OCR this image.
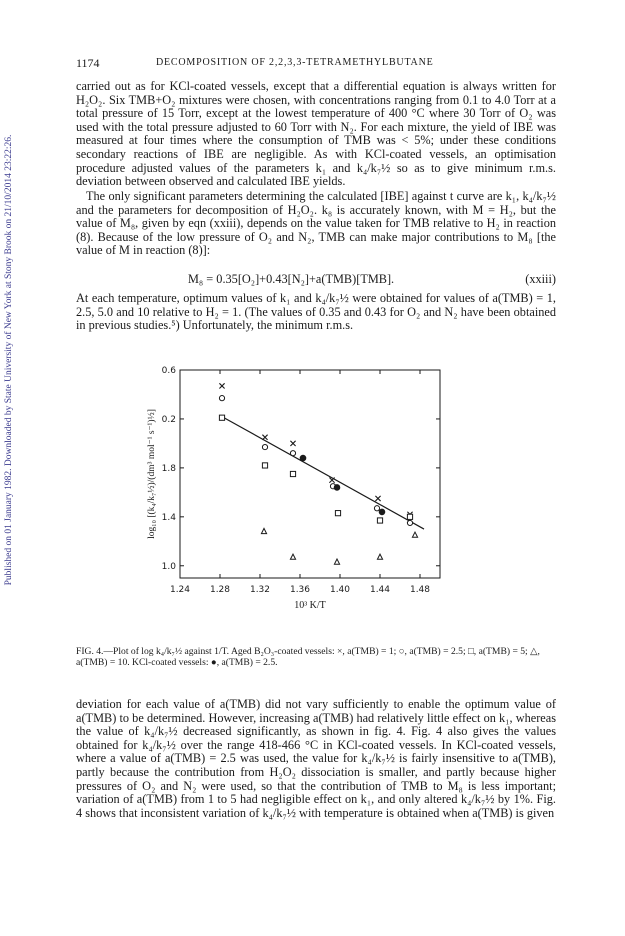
Published on 01 January 1982. Downloaded by State University of New York at Stony Brook on 21/10/2014 23:22:26.
1174	DECOMPOSITION OF 2,2,3,3-TETRAMETHYLBUTANE

carried out as for KCl-coated vessels, except that a differential equation is always written for H₂O₂. Six TMB+O₂ mixtures were chosen, with concentrations ranging from 0.1 to 4.0 Torr at a total pressure of 15 Torr, except at the lowest temperature of 400 °C where 30 Torr of O₂ was used with the total pressure adjusted to 60 Torr with N₂. For each mixture, the yield of IBE was measured at four times where the consumption of TMB was < 5%; under these conditions secondary reactions of IBE are negligible. As with KCl-coated vessels, an optimisation procedure adjusted values of the parameters k₁ and k₄/k₇½ so as to give minimum r.m.s. deviation between observed and calculated IBE yields.

The only significant parameters determining the calculated [IBE] against t curve are k₁, k₄/k₇½ and the parameters for decomposition of H₂O₂. k₈ is accurately known, with M = H₂, but the value of M₈, given by eqn (xxiii), depends on the value taken for TMB relative to H₂ in reaction (8). Because of the low pressure of O₂ and N₂, TMB can make major contributions to M₈ [the value of M in reaction (8)]:

M₈ = 0.35[O₂]+0.43[N₂]+a(TMB)[TMB].	(xxiii)

At each temperature, optimum values of k₁ and k₄/k₇½ were obtained for values of a(TMB) = 1, 2.5, 5.0 and 10 relative to H₂ = 1. (The values of 0.35 and 0.43 for O₂ and N₂ have been obtained in previous studies.⁵) Unfortunately, the minimum r.m.s.

1.24 1.28 1.32 1.36 1.40 1.44 1.48
1.0
1.4
1.8
0.2
0.6
10³ K/T
log₁₀ [(k₄/k₇½)/(dm³ mol⁻¹ s⁻¹)½]

FIG. 4.—Plot of log k₄/k₇½ against 1/T. Aged B₂O₃-coated vessels: ×, a(TMB) = 1; ○, a(TMB) = 2.5; □, a(TMB) = 5; △, a(TMB) = 10. KCl-coated vessels: ●, a(TMB) = 2.5.

deviation for each value of a(TMB) did not vary sufficiently to enable the optimum value of a(TMB) to be determined. However, increasing a(TMB) had relatively little effect on k₁, whereas the value of k₄/k₇½ decreased significantly, as shown in fig. 4. Fig. 4 also gives the values obtained for k₄/k₇½ over the range 418-466 °C in KCl-coated vessels. In KCl-coated vessels, where a value of a(TMB) = 2.5 was used, the value for k₄/k₇½ is fairly insensitive to a(TMB), partly because the contribution from H₂O₂ dissociation is smaller, and partly because higher pressures of O₂ and N₂ were used, so that the contribution of TMB to M₈ is less important; variation of a(TMB) from 1 to 5 had negligible effect on k₁, and only altered k₄/k₇½ by 1%. Fig. 4 shows that inconsistent variation of k₄/k₇½ with temperature is obtained when a(TMB) is given
